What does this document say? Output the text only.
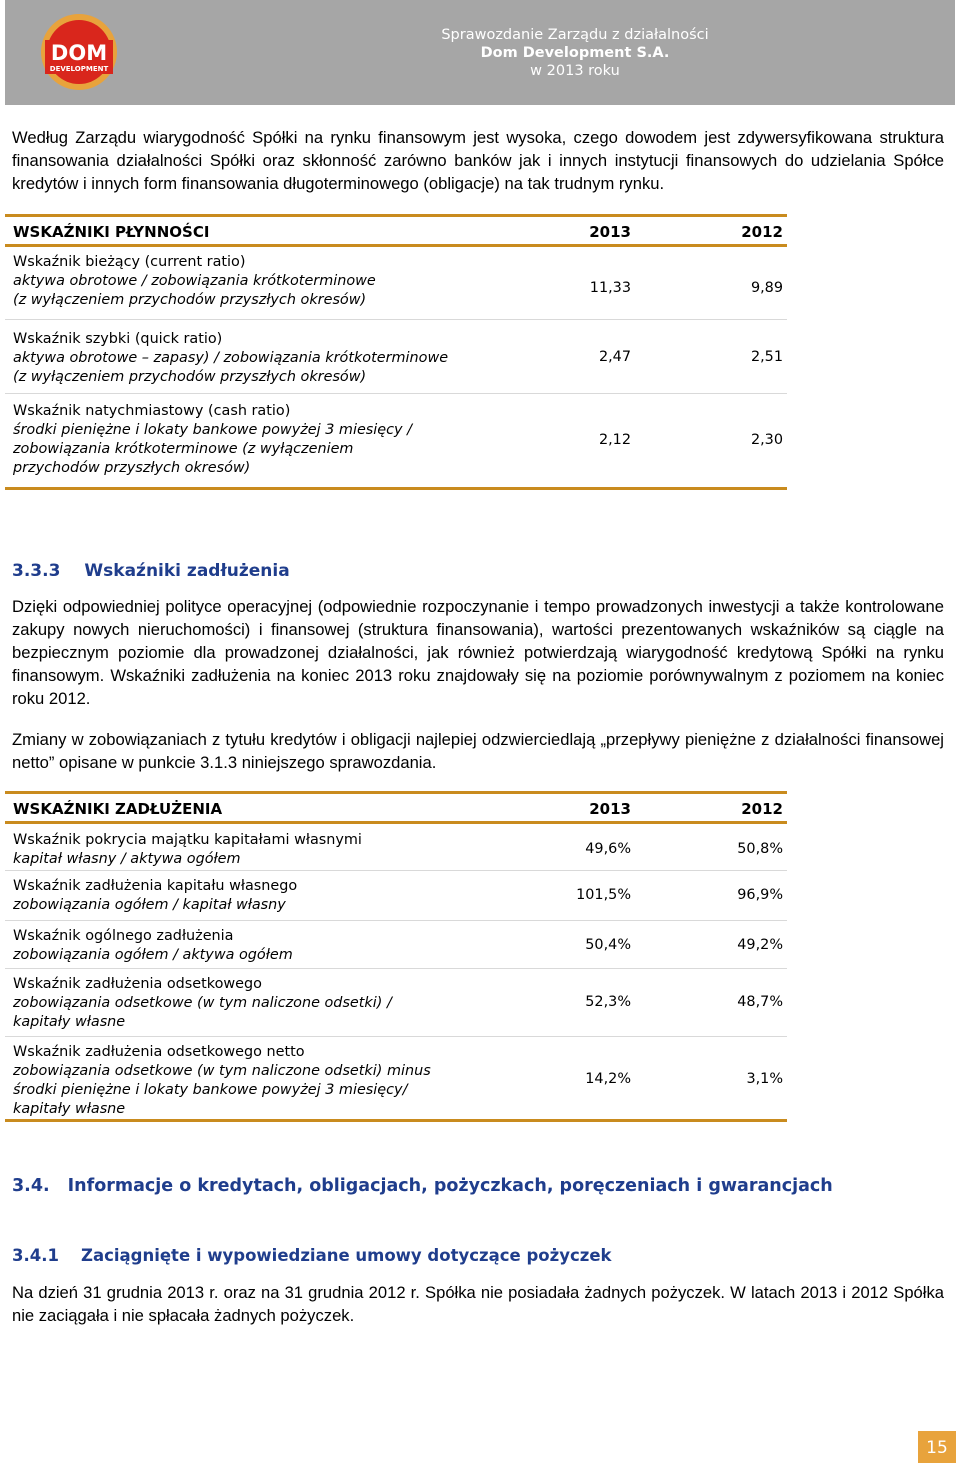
DOM
DEVELOPMENT
Sprawozdanie Zarządu z działalności
Dom Development S.A.
w 2013 roku
Według Zarządu wiarygodność Spółki na rynku finansowym jest wysoka, czego dowodem jest zdywersyfikowana struktura finansowania działalności Spółki oraz skłonność zarówno banków jak i innych instytucji finansowych do udzielania Spółce kredytów i innych form finansowania długoterminowego (obligacje) na tak trudnym rynku.
WSKAŹNIKI PŁYNNOŚCI	2013	2012
Wskaźnik bieżący (current ratio)
aktywa obrotowe / zobowiązania krótkoterminowe (z wyłączeniem przychodów przyszłych okresów)
11,33	9,89
Wskaźnik szybki (quick ratio)
aktywa obrotowe – zapasy) / zobowiązania krótkoterminowe (z wyłączeniem przychodów przyszłych okresów)
2,47	2,51
Wskaźnik natychmiastowy (cash ratio)
środki pieniężne i lokaty bankowe powyżej 3 miesięcy / zobowiązania krótkoterminowe (z wyłączeniem przychodów przyszłych okresów)
2,12	2,30
3.3.3 Wskaźniki zadłużenia
Dzięki odpowiedniej polityce operacyjnej (odpowiednie rozpoczynanie i tempo prowadzonych inwestycji a także kontrolowane zakupy nowych nieruchomości) i finansowej (struktura finansowania), wartości prezentowanych wskaźników są ciągle na bezpiecznym poziomie dla prowadzonej działalności, jak również potwierdzają wiarygodność kredytową Spółki na rynku finansowym. Wskaźniki zadłużenia na koniec 2013 roku znajdowały się na poziomie porównywalnym z poziomem na koniec roku 2012.
Zmiany w zobowiązaniach z tytułu kredytów i obligacji najlepiej odzwierciedlają „przepływy pieniężne z działalności finansowej netto” opisane w punkcie 3.1.3 niniejszego sprawozdania.
WSKAŹNIKI ZADŁUŻENIA	2013	2012
Wskaźnik pokrycia majątku kapitałami własnymi
kapitał własny / aktywa ogółem
49,6%	50,8%
Wskaźnik zadłużenia kapitału własnego
zobowiązania ogółem / kapitał własny
101,5%	96,9%
Wskaźnik ogólnego zadłużenia
zobowiązania ogółem / aktywa ogółem
50,4%	49,2%
Wskaźnik zadłużenia odsetkowego
zobowiązania odsetkowe (w tym naliczone odsetki) / kapitały własne
52,3%	48,7%
Wskaźnik zadłużenia odsetkowego netto
zobowiązania odsetkowe (w tym naliczone odsetki) minus środki pieniężne i lokaty bankowe powyżej 3 miesięcy/ kapitały własne
14,2%	3,1%
3.4. Informacje o kredytach, obligacjach, pożyczkach, poręczeniach i gwarancjach
3.4.1 Zaciągnięte i wypowiedziane umowy dotyczące pożyczek
Na dzień 31 grudnia 2013 r. oraz na 31 grudnia 2012 r. Spółka nie posiadała żadnych pożyczek. W latach 2013 i 2012 Spółka nie zaciągała i nie spłacała żadnych pożyczek.
15
